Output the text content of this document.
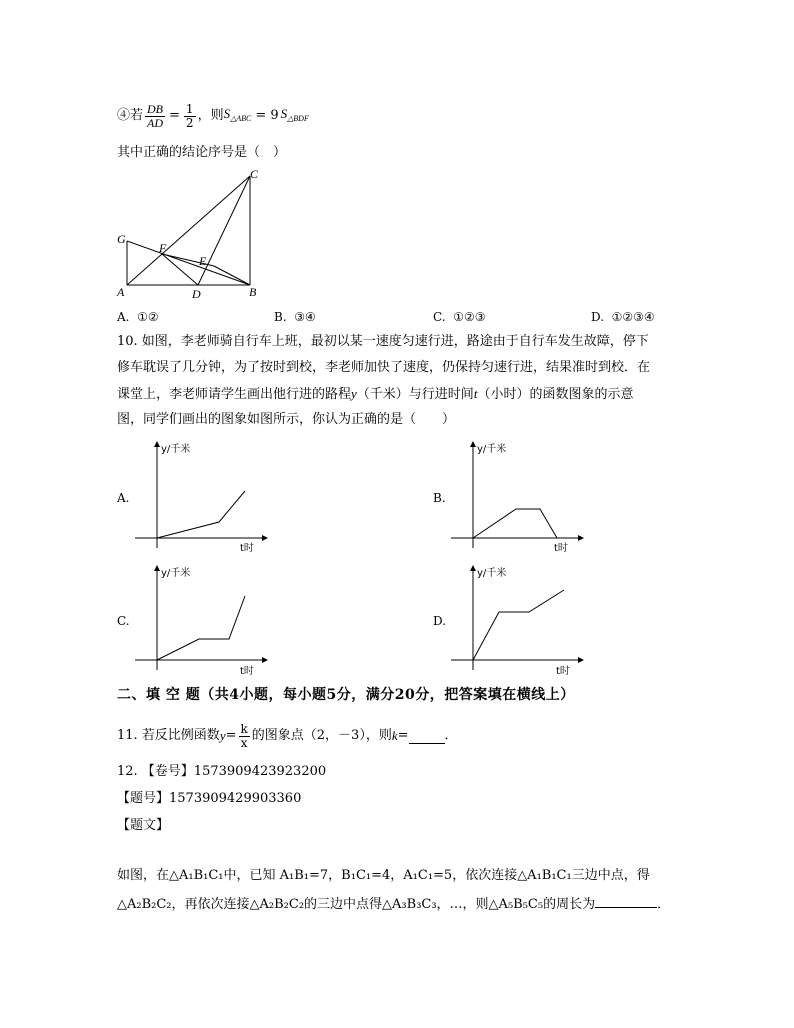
④若 $\frac{DB}{AD} = \frac{1}{2}$ ，则 $S_{\triangle ABC} = 9$ $S_{\triangle BDF}$
其中正确的结论序号是（　）
C
G
F
E
A	D	B
A. ①②	B. ③④	C. ①②③	D. ①②③④
10. 如图，李老师骑自行车上班，最初以某一速度匀速行进，路途由于自行车发生故障，停下
修车耽误了几分钟，为了按时到校，李老师加快了速度，仍保持匀速行进，结果准时到校．在
课堂上，李老师请学生画出他行进的路程y（千米）与行进时间t（小时）的函数图象的示意
图，同学们画出的图象如图所示，你认为正确的是（　　）
A.
y/千米
t时
B.
y/千米
t时
C.
y/千米
t时
D.
y/千米
t时
二、填 空 题（共4小题，每小题5分，满分20分，把答案填在横线上）
11. 若反比例函数 $y = \frac{k}{x}$ 的图象点（2，－3），则 k =	．
12. 【卷号】1573909423923200
【题号】1573909429903360
【题文】
如图，在△A₁B₁C₁中，已知 A₁B₁=7，B₁C₁=4，A₁C₁=5，依次连接△A₁B₁C₁三边中点，得
△A₂B₂C₂，再依次连接△A₂B₂C₂的三边中点得△A₃B₃C₃，…，则△A₅B₅C₅的周长为	．
